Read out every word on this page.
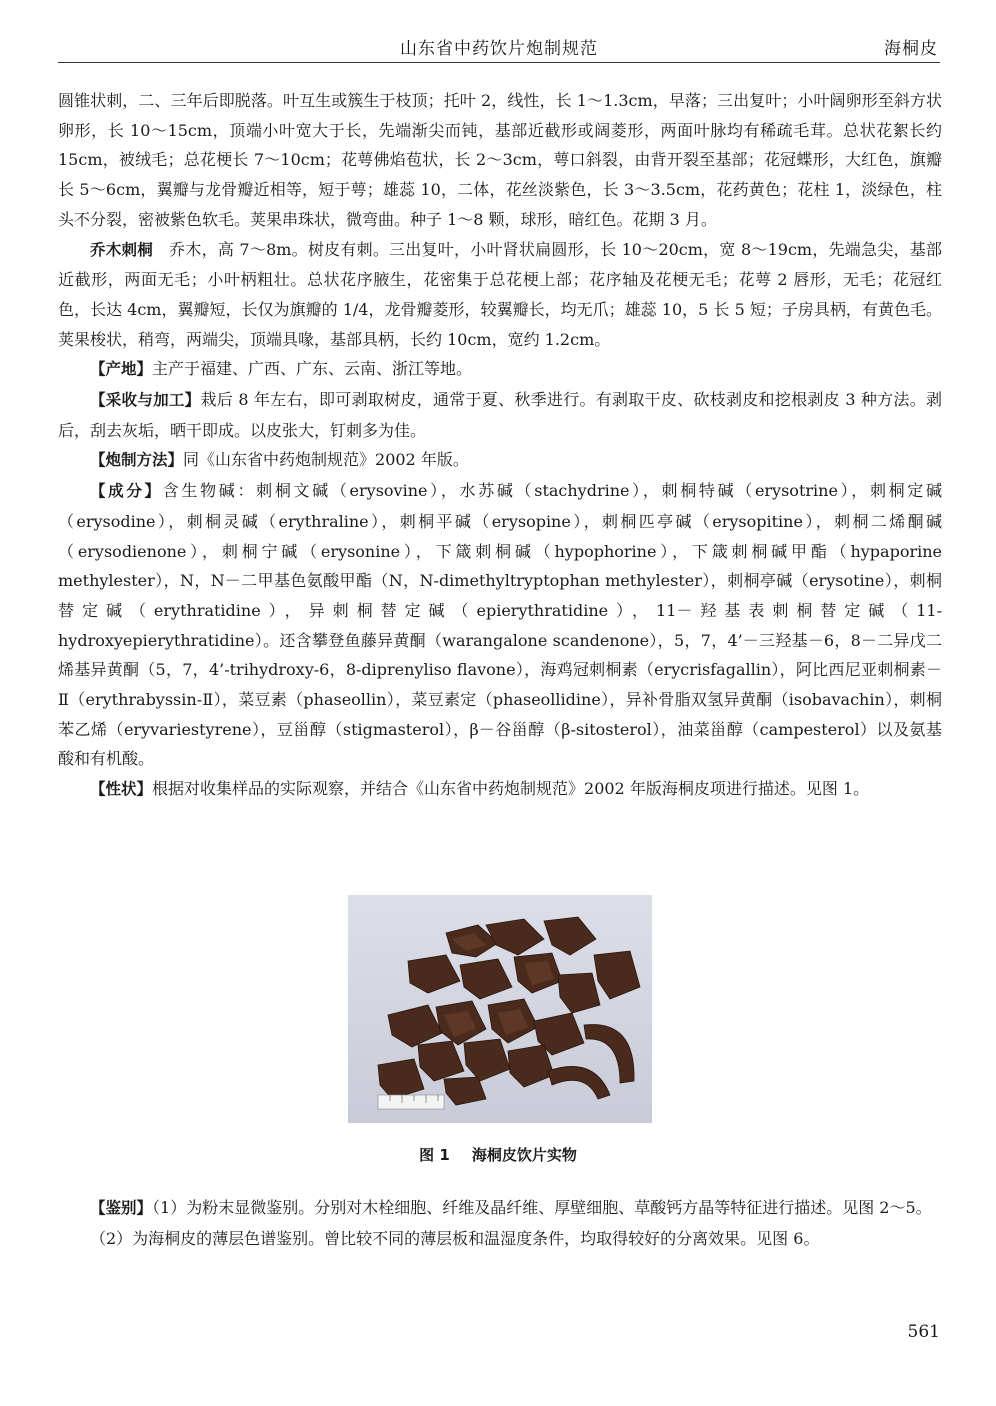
山东省中药饮片炮制规范	海桐皮

圆锥状刺，二、三年后即脱落。叶互生或簇生于枝顶；托叶 2，线性，长 1～1.3cm，早落；三出复叶；小叶阔卵形至斜方状卵形，长 10～15cm，顶端小叶宽大于长，先端渐尖而钝，基部近截形或阔菱形，两面叶脉均有稀疏毛茸。总状花絮长约 15cm，被绒毛；总花梗长 7～10cm；花萼佛焰苞状，长 2～3cm，萼口斜裂，由背开裂至基部；花冠蝶形，大红色，旗瓣长 5～6cm，翼瓣与龙骨瓣近相等，短于萼；雄蕊 10，二体，花丝淡紫色，长 3～3.5cm，花药黄色；花柱 1，淡绿色，柱头不分裂，密被紫色软毛。荚果串珠状，微弯曲。种子 1～8 颗，球形，暗红色。花期 3 月。

乔木刺桐　 乔木，高 7～8m。树皮有刺。三出复叶，小叶肾状扁圆形，长 10～20cm，宽 8～19cm，先端急尖，基部近截形，两面无毛；小叶柄粗壮。总状花序腋生，花密集于总花梗上部；花序轴及花梗无毛；花萼 2 唇形，无毛；花冠红色，长达 4cm，翼瓣短，长仅为旗瓣的 1/4，龙骨瓣菱形，较翼瓣长，均无爪；雄蕊 10，5 长 5 短；子房具柄，有黄色毛。荚果梭状，稍弯，两端尖，顶端具喙，基部具柄，长约 10cm，宽约 1.2cm。

【产地】主产于福建、广西、广东、云南、浙江等地。

【采收与加工】栽后 8 年左右，即可剥取树皮，通常于夏、秋季进行。有剥取干皮、砍枝剥皮和挖根剥皮 3 种方法。剥后，刮去灰垢，晒干即成。以皮张大，钉刺多为佳。

【炮制方法】同《山东省中药炮制规范》2002 年版。

【成分】含生物碱：刺桐文碱（erysovine），水苏碱（stachydrine），刺桐特碱（erysotrine），刺桐定碱（erysodine），刺桐灵碱（erythraline），刺桐平碱（erysopine），刺桐匹亭碱（erysopitine），刺桐二烯酮碱（erysodienone），刺桐宁碱（erysonine），下箴刺桐碱（hypophorine），下箴刺桐碱甲酯（hypaporine methylester），N，N－二甲基色氨酸甲酯（N，N-dimethyltryptophan methylester），刺桐亭碱（erysotine），刺桐替定碱（erythratidine），异刺桐替定碱（epierythratidine），11－羟基表刺桐替定碱（11-hydroxyepierythratidine）。还含攀登鱼藤异黄酮（warangalone scandenone），5，7，4’－三羟基－6，8－二异戊二烯基异黄酮（5，7，4’-trihydroxy-6，8-diprenyliso flavone），海鸡冠刺桐素（erycrisfagallin），阿比西尼亚刺桐素－Ⅱ（erythrabyssin-Ⅱ），菜豆素（phaseollin），菜豆素定（phaseollidine），异补骨脂双氢异黄酮（isobavachin），刺桐苯乙烯（eryvariestyrene），豆甾醇（stigmasterol），β－谷甾醇（β-sitosterol），油菜甾醇（campesterol）以及氨基酸和有机酸。

【性状】根据对收集样品的实际观察，并结合《山东省中药炮制规范》2002 年版海桐皮项进行描述。见图 1。

图 1 海桐皮饮片实物

【鉴别】（1）为粉末显微鉴别。分别对木栓细胞、纤维及晶纤维、厚壁细胞、草酸钙方晶等特征进行描述。见图 2～5。

（2）为海桐皮的薄层色谱鉴别。曾比较不同的薄层板和温湿度条件，均取得较好的分离效果。见图 6。

561
